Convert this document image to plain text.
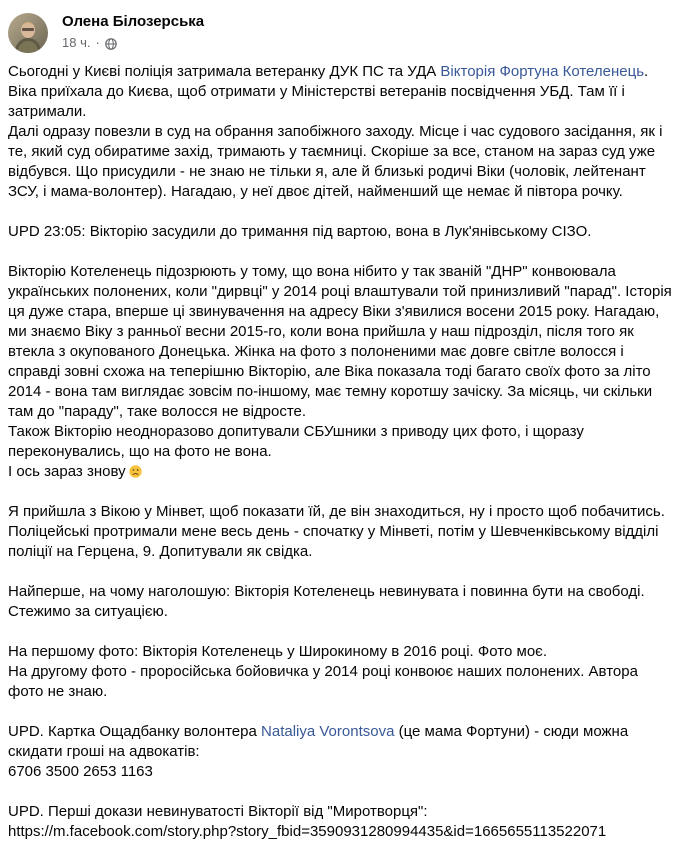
Олена Білозерська
18 ч. ·

Сьогодні у Києві поліція затримала ветеранку ДУК ПС та УДА Вікторія Фортуна Котеленець. Віка приїхала до Києва, щоб отримати у Міністерстві ветеранів посвідчення УБД. Там її і затримали.
Далі одразу повезли в суд на обрання запобіжного заходу. Місце і час судового засідання, як і те, який суд обиратиме захід, тримають у таємниці. Скоріше за все, станом на зараз суд уже відбувся. Що присудили - не знаю не тільки я, але й близькі родичі Віки (чоловік, лейтенант ЗСУ, і мама-волонтер). Нагадаю, у неї двоє дітей, найменший ще немає й півтора рочку.

UPD 23:05: Вікторію засудили до тримання під вартою, вона в Лук'янівському СІЗО.

Вікторію Котеленець підозрюють у тому, що вона нібито у так званій "ДНР" конвоювала українських полонених, коли "дирвці" у 2014 році влаштували той принизливий "парад". Історія ця дуже стара, вперше ці звинувачення на адресу Віки з'явилися восени 2015 року. Нагадаю, ми знаємо Віку з ранньої весни 2015-го, коли вона прийшла у наш підрозділ, після того як втекла з окупованого Донецька. Жінка на фото з полоненими має довге світле волосся і справді зовні схожа на теперішню Вікторію, але Віка показала тоді багато своїх фото за літо 2014 - вона там виглядає зовсім по-іншому, має темну коротшу зачіску. За місяць, чи скільки там до "параду", таке волосся не відросте.
Також Вікторію неодноразово допитували СБУшники з приводу цих фото, і щоразу переконувались, що на фото не вона.
І ось зараз знову

Я прийшла з Вікою у Мінвет, щоб показати їй, де він знаходиться, ну і просто щоб побачитись. Поліцейські протримали мене весь день - спочатку у Мінветі, потім у Шевченківському відділі поліції на Герцена, 9. Допитували як свідка.

Найперше, на чому наголошую: Вікторія Котеленець невинувата і повинна бути на свободі. Стежимо за ситуацією.

На першому фото: Вікторія Котеленець у Широкиному в 2016 році. Фото моє.
На другому фото - проросійська бойовичка у 2014 році конвоює наших полонених. Автора фото не знаю.

UPD. Картка Ощадбанку волонтера Nataliya Vorontsova (це мама Фортуни) - сюди можна скидати гроші на адвокатів:
6706 3500 2653 1163

UPD. Перші докази невинуватості Вікторії від "Миротворця":
https://m.facebook.com/story.php?story_fbid=3590931280994435&id=1665655113522071
